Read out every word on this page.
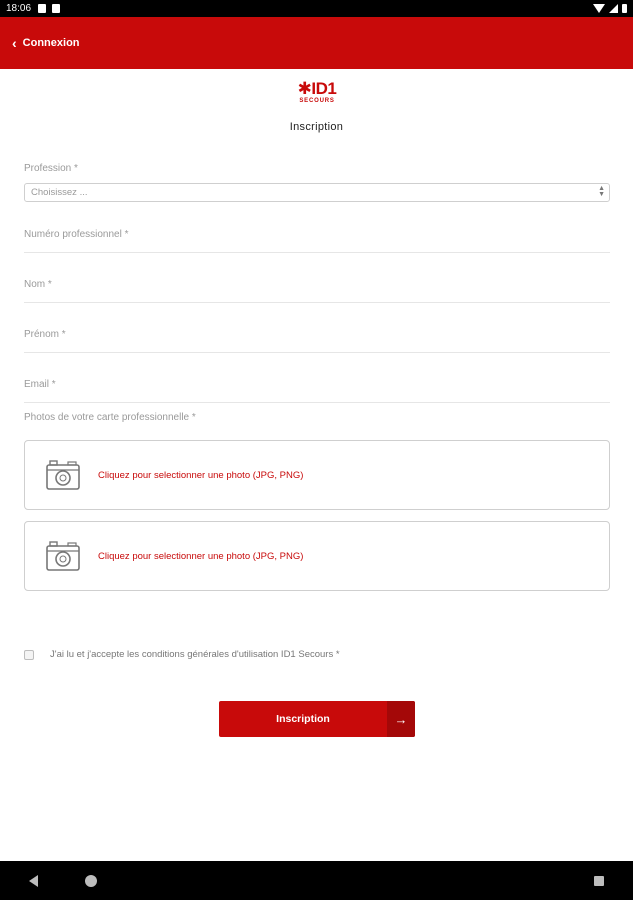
18:06
‹ Connexion
✱ID1
SECOURS
Inscription
Profession *
Choisissez ...	▲
▼
Numéro professionnel *
Nom *
Prénom *
Email *
Photos de votre carte professionnelle *
Cliquez pour selectionner une photo (JPG, PNG)
Cliquez pour selectionner une photo (JPG, PNG)
J'ai lu et j'accepte les conditions générales d'utilisation ID1 Secours *
Inscription	→
